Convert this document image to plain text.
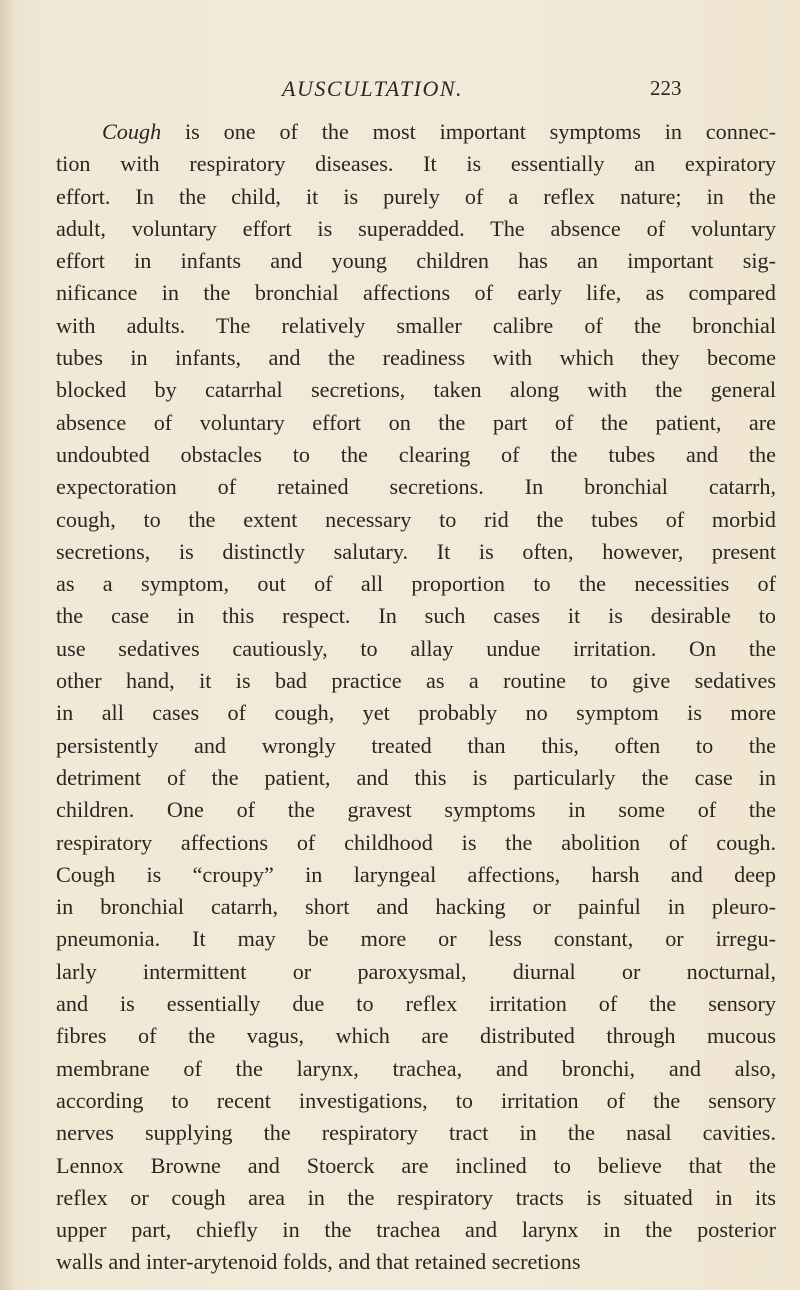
AUSCULTATION.	223
Cough is one of the most important symptoms in connec-
tion with respiratory diseases. It is essentially an expiratory
effort. In the child, it is purely of a reflex nature; in the
adult, voluntary effort is superadded. The absence of voluntary
effort in infants and young children has an important sig-
nificance in the bronchial affections of early life, as compared
with adults. The relatively smaller calibre of the bronchial
tubes in infants, and the readiness with which they become
blocked by catarrhal secretions, taken along with the general
absence of voluntary effort on the part of the patient, are
undoubted obstacles to the clearing of the tubes and the
expectoration of retained secretions. In bronchial catarrh,
cough, to the extent necessary to rid the tubes of morbid
secretions, is distinctly salutary. It is often, however, present
as a symptom, out of all proportion to the necessities of
the case in this respect. In such cases it is desirable to
use sedatives cautiously, to allay undue irritation. On the
other hand, it is bad practice as a routine to give sedatives
in all cases of cough, yet probably no symptom is more
persistently and wrongly treated than this, often to the
detriment of the patient, and this is particularly the case in
children. One of the gravest symptoms in some of the
respiratory affections of childhood is the abolition of cough.
Cough is “croupy” in laryngeal affections, harsh and deep
in bronchial catarrh, short and hacking or painful in pleuro-
pneumonia. It may be more or less constant, or irregu-
larly intermittent or paroxysmal, diurnal or nocturnal,
and is essentially due to reflex irritation of the sensory
fibres of the vagus, which are distributed through mucous
membrane of the larynx, trachea, and bronchi, and also,
according to recent investigations, to irritation of the sensory
nerves supplying the respiratory tract in the nasal cavities.
Lennox Browne and Stoerck are inclined to believe that the
reflex or cough area in the respiratory tracts is situated in its
upper part, chiefly in the trachea and larynx in the posterior
walls and inter-arytenoid folds, and that retained secretions
